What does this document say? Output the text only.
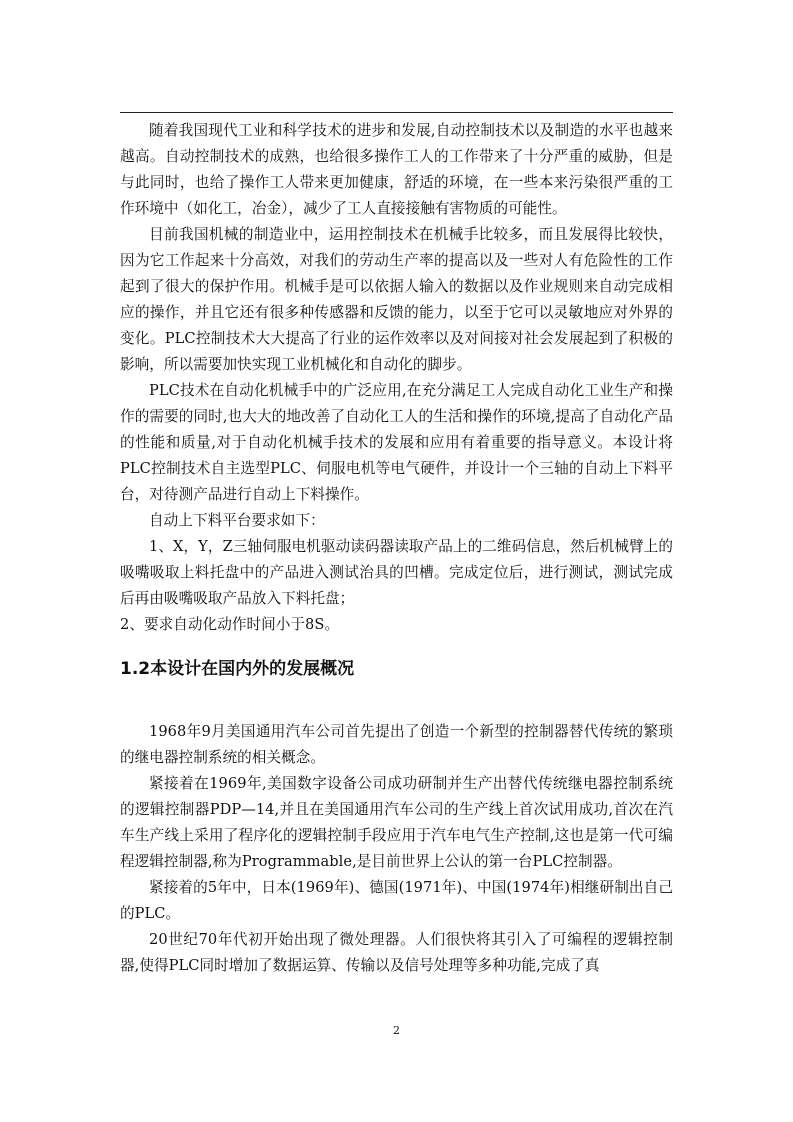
随着我国现代工业和科学技术的进步和发展,自动控制技术以及制造的水平也越来越高。自动控制技术的成熟，也给很多操作工人的工作带来了十分严重的威胁，但是与此同时，也给了操作工人带来更加健康，舒适的环境，在一些本来污染很严重的工作环境中（如化工，冶金），减少了工人直接接触有害物质的可能性。

目前我国机械的制造业中，运用控制技术在机械手比较多，而且发展得比较快，因为它工作起来十分高效，对我们的劳动生产率的提高以及一些对人有危险性的工作起到了很大的保护作用。机械手是可以依据人输入的数据以及作业规则来自动完成相应的操作，并且它还有很多种传感器和反馈的能力，以至于它可以灵敏地应对外界的变化。PLC控制技术大大提高了行业的运作效率以及对间接对社会发展起到了积极的影响，所以需要加快实现工业机械化和自动化的脚步。

PLC技术在自动化机械手中的广泛应用,在充分满足工人完成自动化工业生产和操作的需要的同时,也大大的地改善了自动化工人的生活和操作的环境,提高了自动化产品的性能和质量,对于自动化机械手技术的发展和应用有着重要的指导意义。本设计将PLC控制技术自主选型PLC、伺服电机等电气硬件，并设计一个三轴的自动上下料平台，对待测产品进行自动上下料操作。

自动上下料平台要求如下：

1、X，Y，Z三轴伺服电机驱动读码器读取产品上的二维码信息，然后机械臂上的吸嘴吸取上料托盘中的产品进入测试治具的凹槽。完成定位后，进行测试，测试完成后再由吸嘴吸取产品放入下料托盘；

2、要求自动化动作时间小于8S。

1.2本设计在国内外的发展概况

1968年9月美国通用汽车公司首先提出了创造一个新型的控制器替代传统的繁琐的继电器控制系统的相关概念。

紧接着在1969年,美国数字设备公司成功研制并生产出替代传统继电器控制系统的逻辑控制器PDP—14,并且在美国通用汽车公司的生产线上首次试用成功,首次在汽车生产线上采用了程序化的逻辑控制手段应用于汽车电气生产控制,这也是第一代可编程逻辑控制器,称为Programmable,是目前世界上公认的第一台PLC控制器。

紧接着的5年中，日本(1969年)、德国(1971年)、中国(1974年)相继研制出自己的PLC。

20世纪70年代初开始出现了微处理器。人们很快将其引入了可编程的逻辑控制器,使得PLC同时增加了数据运算、传输以及信号处理等多种功能,完成了真

2
